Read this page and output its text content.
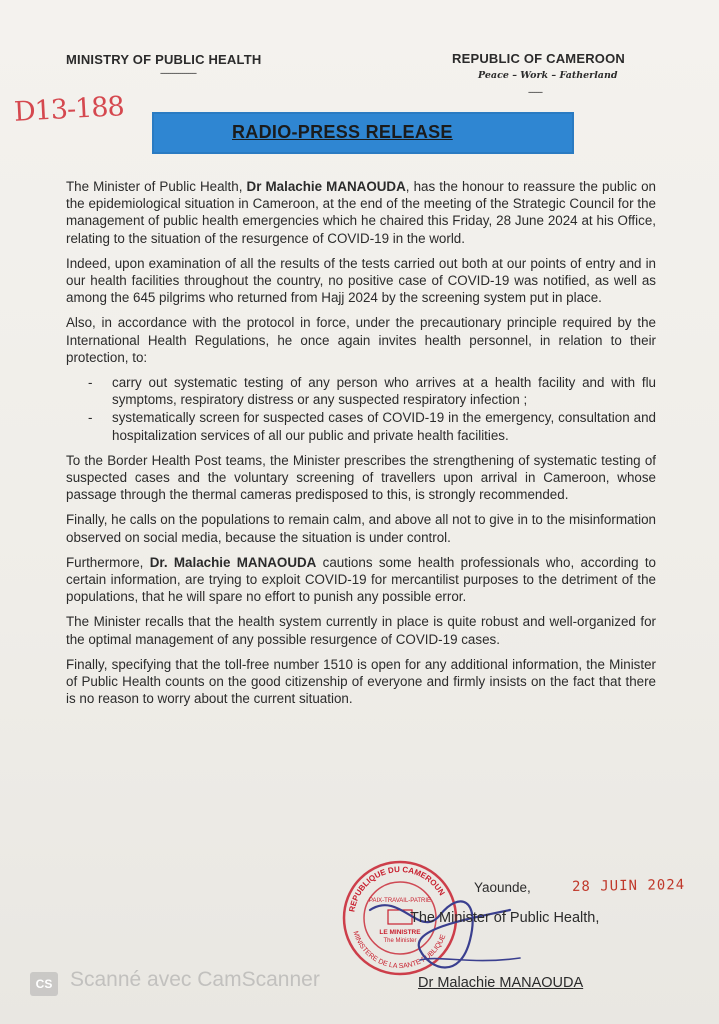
MINISTRY OF PUBLIC HEALTH
------------------
REPUBLIC OF CAMEROON
Peace – Work – Fatherland
-------
D13-188
RADIO-PRESS RELEASE

The Minister of Public Health, Dr Malachie MANAOUDA, has the honour to reassure the public on the epidemiological situation in Cameroon, at the end of the meeting of the Strategic Council for the management of public health emergencies which he chaired this Friday, 28 June 2024 at his Office, relating to the situation of the resurgence of COVID-19 in the world.

Indeed, upon examination of all the results of the tests carried out both at our points of entry and in our health facilities throughout the country, no positive case of COVID-19 was notified, as well as among the 645 pilgrims who returned from Hajj 2024 by the screening system put in place.

Also, in accordance with the protocol in force, under the precautionary principle required by the International Health Regulations, he once again invites health personnel, in relation to their protection, to:

-	carry out systematic testing of any person who arrives at a health facility and with flu symptoms, respiratory distress or any suspected respiratory infection ;
-	systematically screen for suspected cases of COVID-19 in the emergency, consultation and hospitalization services of all our public and private health facilities.

To the Border Health Post teams, the Minister prescribes the strengthening of systematic testing of suspected cases and the voluntary screening of travellers upon arrival in Cameroon, whose passage through the thermal cameras predisposed to this, is strongly recommended.

Finally, he calls on the populations to remain calm, and above all not to give in to the misinformation observed on social media, because the situation is under control.

Furthermore, Dr. Malachie MANAOUDA cautions some health professionals who, according to certain information, are trying to exploit COVID-19 for mercantilist purposes to the detriment of the populations, that he will spare no effort to punish any possible error.

The Minister recalls that the health system currently in place is quite robust and well-organized for the optimal management of any possible resurgence of COVID-19 cases.

Finally, specifying that the toll-free number 1510 is open for any additional information, the Minister of Public Health counts on the good citizenship of everyone and firmly insists on the fact that there is no reason to worry about the current situation.

REPUBLIQUE DU CAMEROUN
MINISTERE DE LA SANTE PUBLIQUE
PAIX-TRAVAIL-PATRIE
LE MINISTRE
The Minister
Yaounde,	28 JUIN 2024
The Minister of Public Health,
Dr Malachie MANAOUDA
CS Scanné avec CamScanner
